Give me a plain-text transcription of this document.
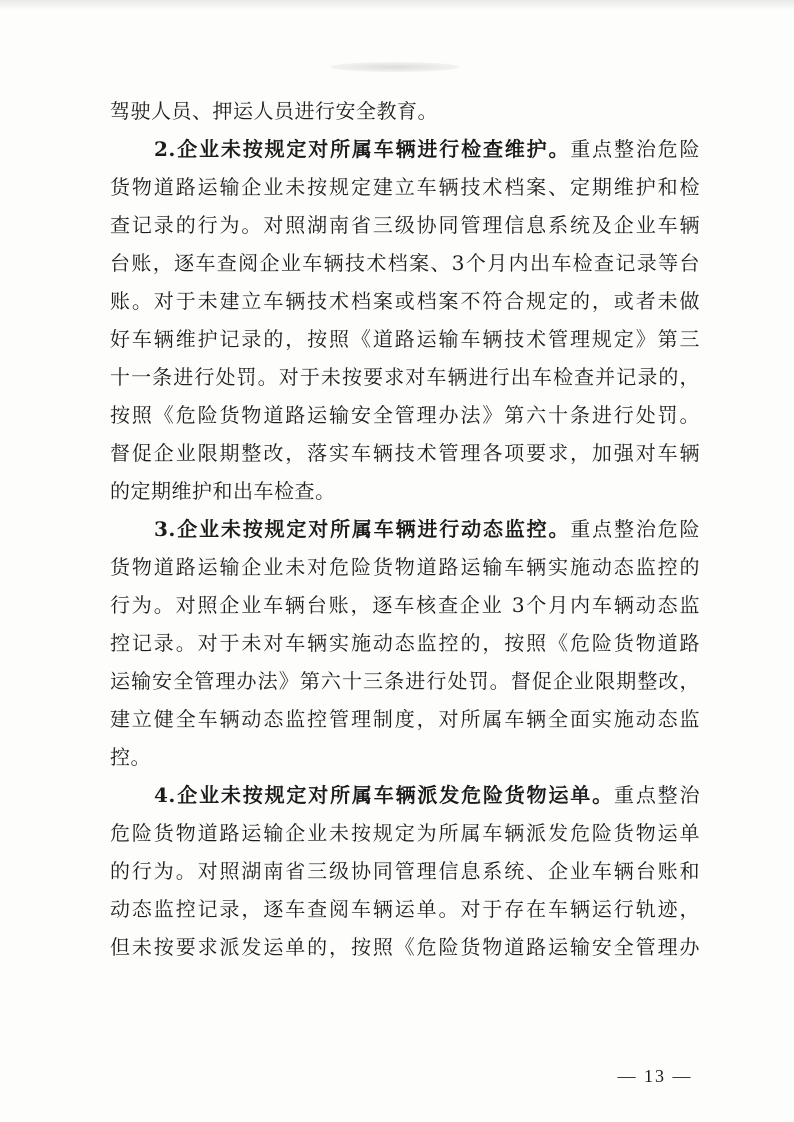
驾驶人员、押运人员进行安全教育。
2.企业未按规定对所属车辆进行检查维护。重点整治危险
货物道路运输企业未按规定建立车辆技术档案、定期维护和检
查记录的行为。对照湖南省三级协同管理信息系统及企业车辆
台账，逐车查阅企业车辆技术档案、3个月内出车检查记录等台
账。对于未建立车辆技术档案或档案不符合规定的，或者未做
好车辆维护记录的，按照《道路运输车辆技术管理规定》第三
十一条进行处罚。对于未按要求对车辆进行出车检查并记录的，
按照《危险货物道路运输安全管理办法》第六十条进行处罚。
督促企业限期整改，落实车辆技术管理各项要求，加强对车辆
的定期维护和出车检查。
3.企业未按规定对所属车辆进行动态监控。重点整治危险
货物道路运输企业未对危险货物道路运输车辆实施动态监控的
行为。对照企业车辆台账，逐车核查企业 3个月内车辆动态监
控记录。对于未对车辆实施动态监控的，按照《危险货物道路
运输安全管理办法》第六十三条进行处罚。督促企业限期整改，
建立健全车辆动态监控管理制度，对所属车辆全面实施动态监
控。
4.企业未按规定对所属车辆派发危险货物运单。重点整治
危险货物道路运输企业未按规定为所属车辆派发危险货物运单
的行为。对照湖南省三级协同管理信息系统、企业车辆台账和
动态监控记录，逐车查阅车辆运单。对于存在车辆运行轨迹，
但未按要求派发运单的，按照《危险货物道路运输安全管理办
— 13 —
